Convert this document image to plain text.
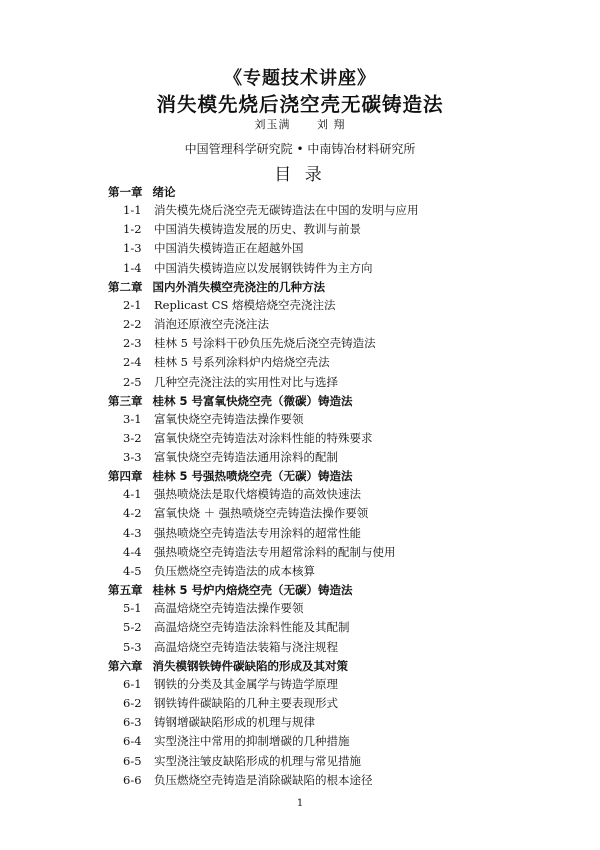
《专题技术讲座》
消失模先烧后浇空壳无碳铸造法
刘玉满 刘 翔
中国管理科学研究院 • 中南铸冶材料研究所
目 录
第一章 绪论
1-1 消失模先烧后浇空壳无碳铸造法在中国的发明与应用
1-2 中国消失模铸造发展的历史、教训与前景
1-3 中国消失模铸造正在超越外国
1-4 中国消失模铸造应以发展钢铁铸件为主方向
第二章 国内外消失模空壳浇注的几种方法
2-1 Replicast CS 熔模焙烧空壳浇注法
2-2 消泡还原液空壳浇注法
2-3 桂林 5 号涂料干砂负压先烧后浇空壳铸造法
2-4 桂林 5 号系列涂料炉内焙烧空壳法
2-5 几种空壳浇注法的实用性对比与选择
第三章 桂林 5 号富氧快烧空壳（微碳）铸造法
3-1 富氧快烧空壳铸造法操作要领
3-2 富氧快烧空壳铸造法对涂料性能的特殊要求
3-3 富氧快烧空壳铸造法通用涂料的配制
第四章 桂林 5 号强热喷烧空壳（无碳）铸造法
4-1 强热喷烧法是取代熔模铸造的高效快速法
4-2 富氧快烧 ＋ 强热喷烧空壳铸造法操作要领
4-3 强热喷烧空壳铸造法专用涂料的超常性能
4-4 强热喷烧空壳铸造法专用超常涂料的配制与使用
4-5 负压燃烧空壳铸造法的成本核算
第五章 桂林 5 号炉内焙烧空壳（无碳）铸造法
5-1 高温焙烧空壳铸造法操作要领
5-2 高温焙烧空壳铸造法涂料性能及其配制
5-3 高温焙烧空壳铸造法装箱与浇注规程
第六章 消失模钢铁铸件碳缺陷的形成及其对策
6-1 钢铁的分类及其金属学与铸造学原理
6-2 钢铁铸件碳缺陷的几种主要表现形式
6-3 铸钢增碳缺陷形成的机理与规律
6-4 实型浇注中常用的抑制增碳的几种措施
6-5 实型浇注皱皮缺陷形成的机理与常见措施
6-6 负压燃烧空壳铸造是消除碳缺陷的根本途径
1
